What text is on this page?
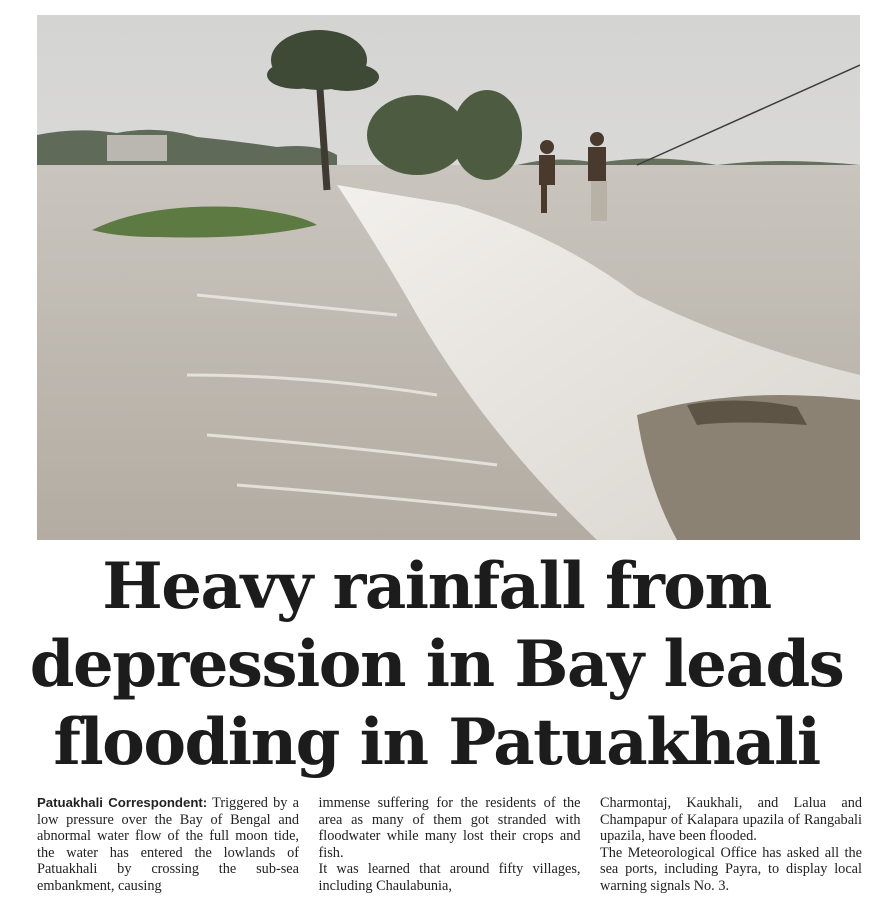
Heavy rainfall from
depression in Bay leads
flooding in Patuakhali

Patuakhali Correspondent: Triggered by a low pressure over the Bay of Bengal and abnormal water flow of the full moon tide, the water has entered the lowlands of Patuakhali by crossing the sub-sea embankment, causing

immense suffering for the residents of the area as many of them got stranded with floodwater while many lost their crops and fish.

It was learned that around fifty villages, including Chaulabunia,

Charmontaj, Kaukhali, and Lalua and Champapur of Kalapara upazila of Rangabali upazila, have been flooded.

The Meteorological Office has asked all the sea ports, including Payra, to display local warning signals No. 3.
